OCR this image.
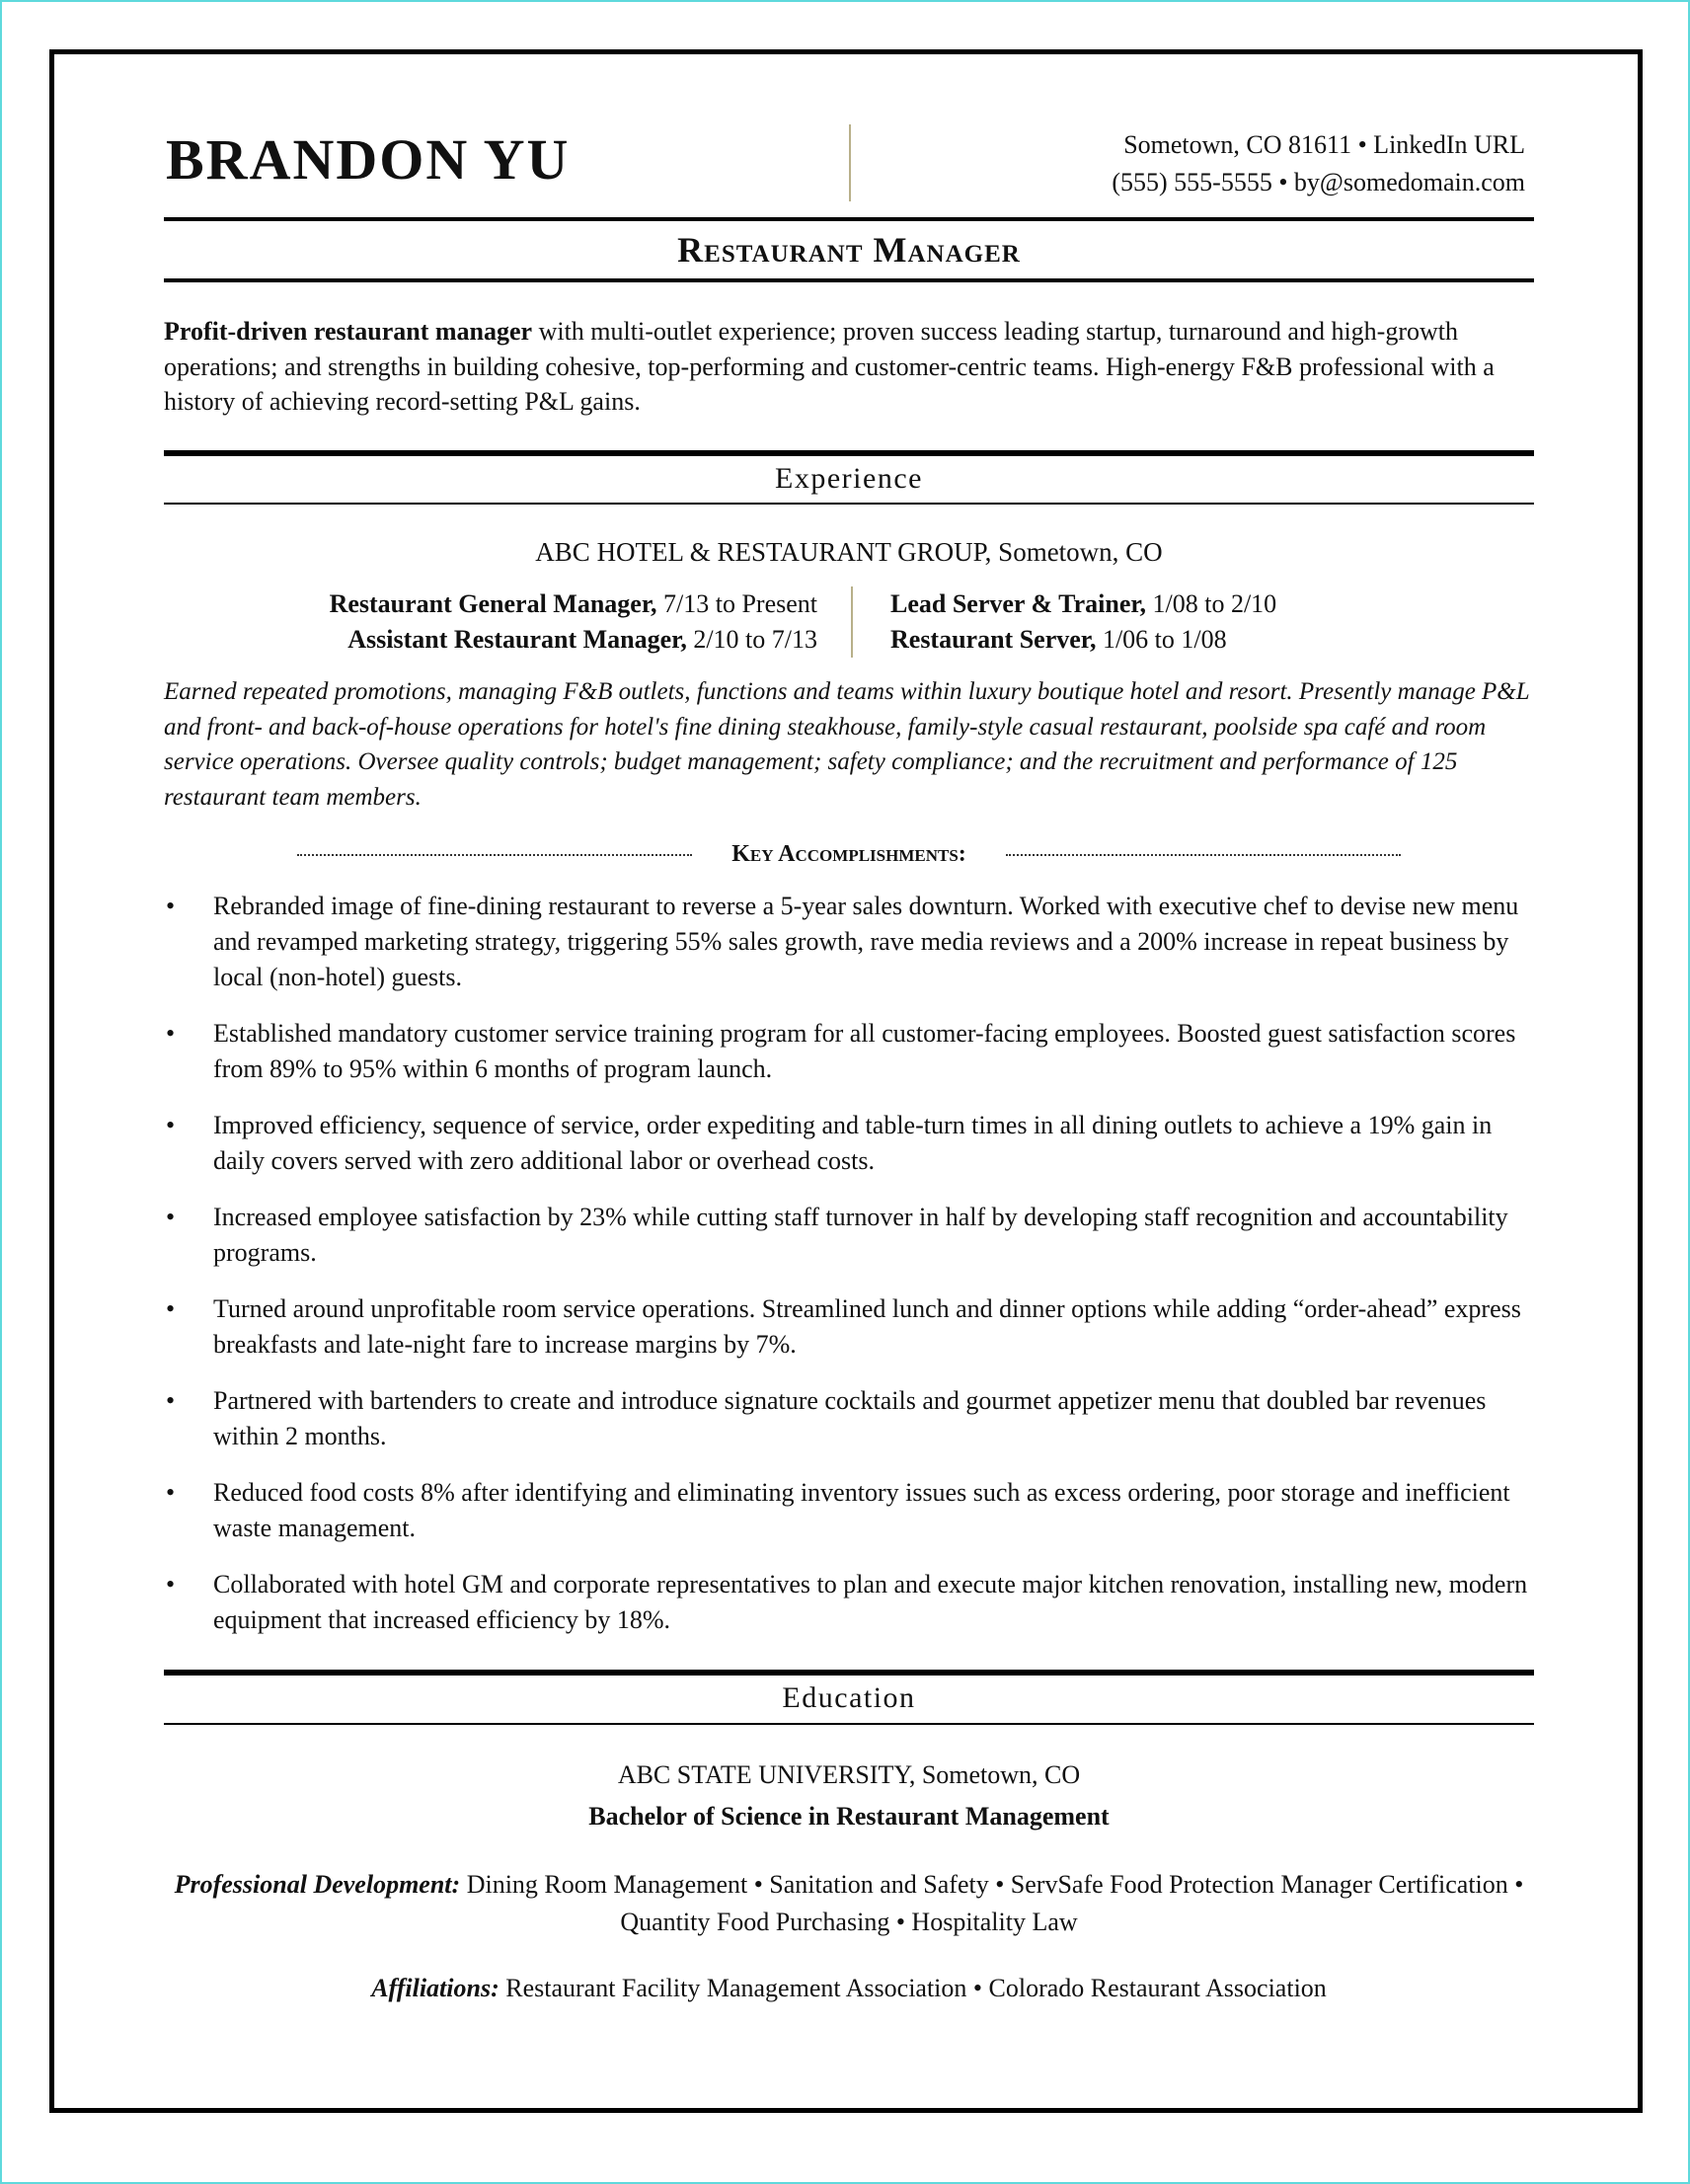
BRANDON YU	Sometown, CO 81611 • LinkedIn URL
(555) 555-5555 • by@somedomain.com
Restaurant Manager
Profit-driven restaurant manager with multi-outlet experience; proven success leading startup, turnaround and high-growth operations; and strengths in building cohesive, top-performing and customer-centric teams. High-energy F&B professional with a history of achieving record-setting P&L gains.
Experience
ABC HOTEL & RESTAURANT GROUP, Sometown, CO
Restaurant General Manager, 7/13 to Present
Assistant Restaurant Manager, 2/10 to 7/13
Lead Server & Trainer, 1/08 to 2/10
Restaurant Server, 1/06 to 1/08
Earned repeated promotions, managing F&B outlets, functions and teams within luxury boutique hotel and resort. Presently manage P&L and front- and back-of-house operations for hotel's fine dining steakhouse, family-style casual restaurant, poolside spa café and room service operations. Oversee quality controls; budget management; safety compliance; and the recruitment and performance of 125 restaurant team members.
Key Accomplishments:
• Rebranded image of fine-dining restaurant to reverse a 5-year sales downturn. Worked with executive chef to devise new menu and revamped marketing strategy, triggering 55% sales growth, rave media reviews and a 200% increase in repeat business by local (non-hotel) guests.
• Established mandatory customer service training program for all customer-facing employees. Boosted guest satisfaction scores from 89% to 95% within 6 months of program launch.
• Improved efficiency, sequence of service, order expediting and table-turn times in all dining outlets to achieve a 19% gain in daily covers served with zero additional labor or overhead costs.
• Increased employee satisfaction by 23% while cutting staff turnover in half by developing staff recognition and accountability programs.
• Turned around unprofitable room service operations. Streamlined lunch and dinner options while adding “order-ahead” express breakfasts and late-night fare to increase margins by 7%.
• Partnered with bartenders to create and introduce signature cocktails and gourmet appetizer menu that doubled bar revenues within 2 months.
• Reduced food costs 8% after identifying and eliminating inventory issues such as excess ordering, poor storage and inefficient waste management.
• Collaborated with hotel GM and corporate representatives to plan and execute major kitchen renovation, installing new, modern equipment that increased efficiency by 18%.
Education
ABC STATE UNIVERSITY, Sometown, CO
Bachelor of Science in Restaurant Management
Professional Development: Dining Room Management • Sanitation and Safety • ServSafe Food Protection Manager Certification • Quantity Food Purchasing • Hospitality Law
Affiliations: Restaurant Facility Management Association • Colorado Restaurant Association
